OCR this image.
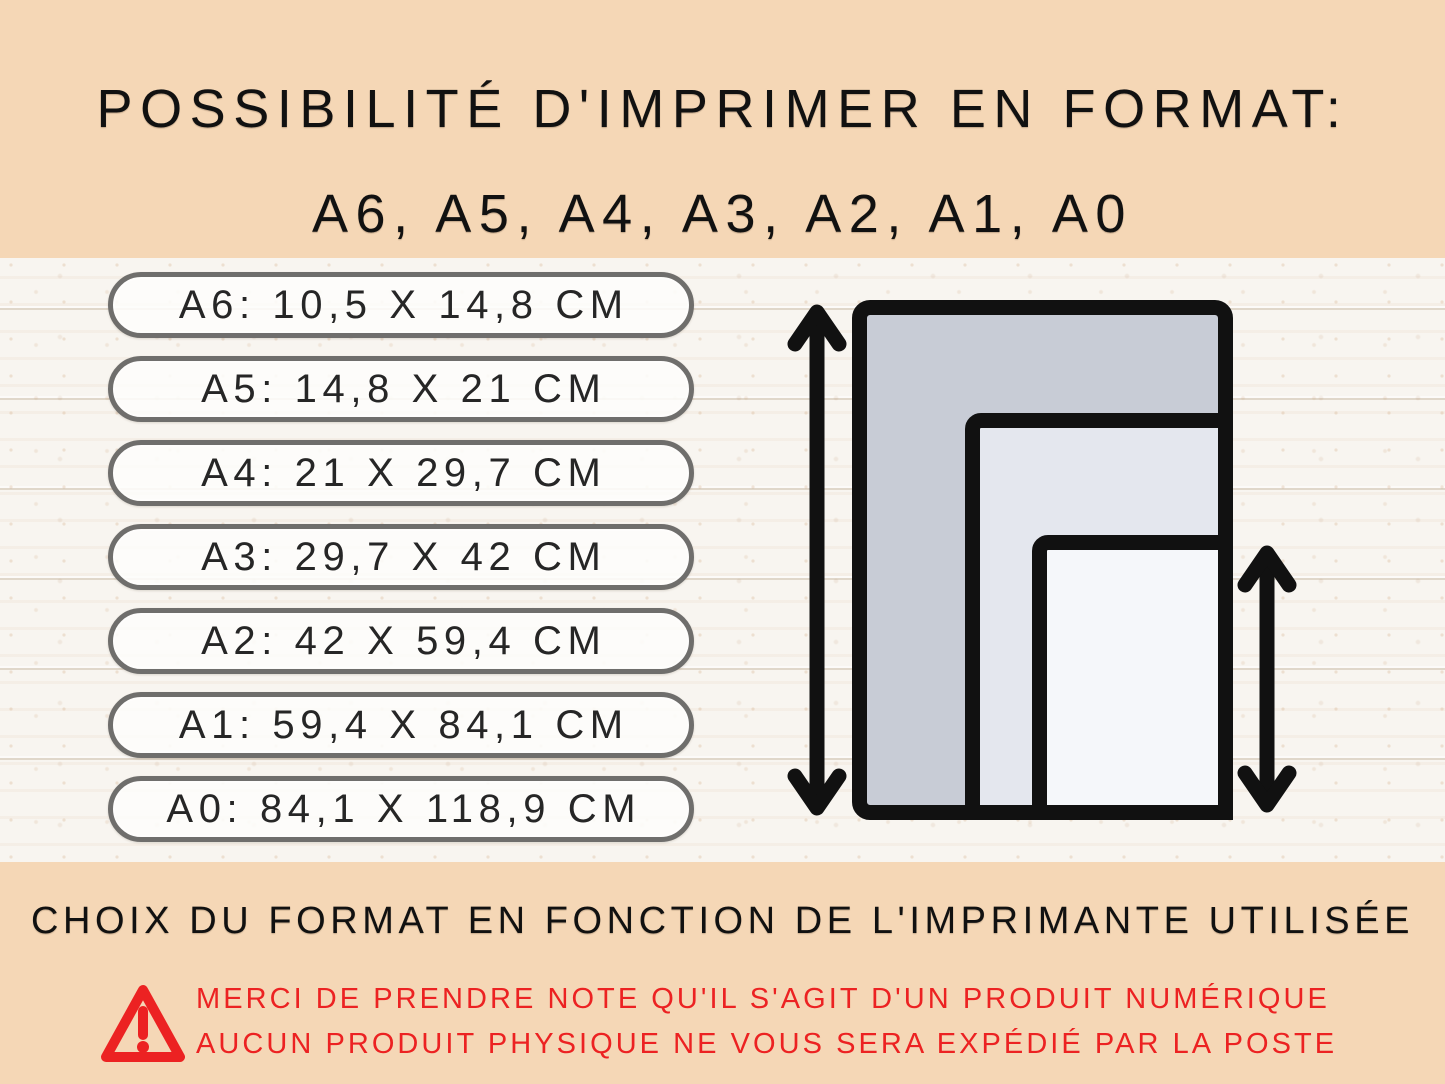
POSSIBILITÉ D'IMPRIMER EN FORMAT:
A6, A5, A4, A3, A2, A1, A0
A6: 10,5 X 14,8 CM
A5: 14,8 X 21 CM
A4: 21 X 29,7 CM
A3: 29,7 X 42 CM
A2: 42 X 59,4 CM
A1: 59,4 X 84,1 CM
A0: 84,1 X 118,9 CM
CHOIX DU FORMAT EN FONCTION DE L'IMPRIMANTE UTILISÉE
MERCI DE PRENDRE NOTE QU'IL S'AGIT D'UN PRODUIT NUMÉRIQUE
AUCUN PRODUIT PHYSIQUE NE VOUS SERA EXPÉDIÉ PAR LA POSTE
